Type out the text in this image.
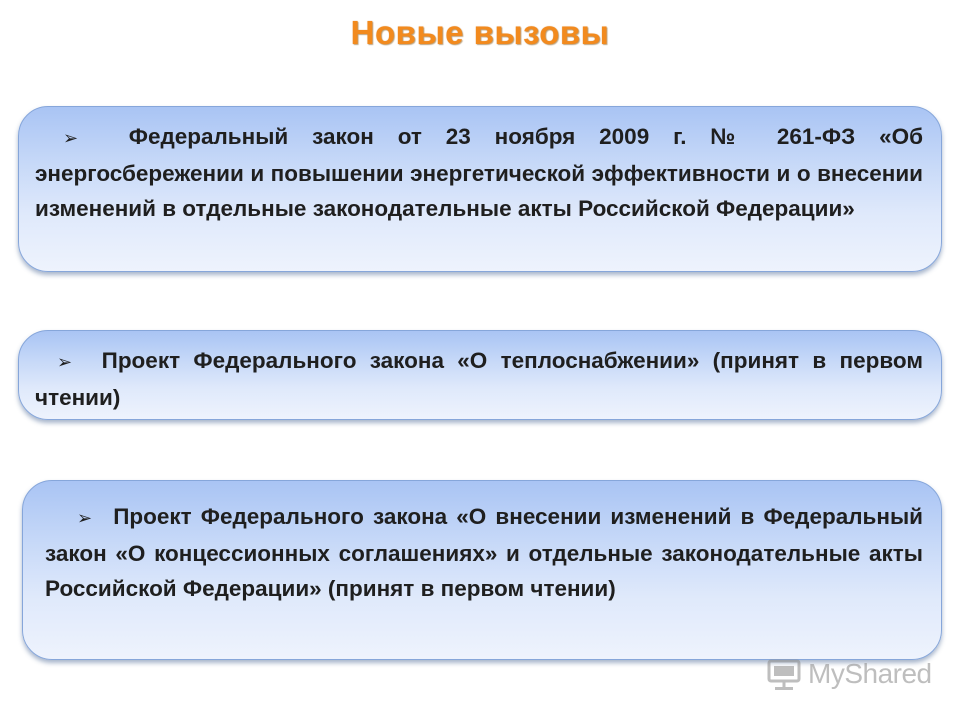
Новые вызовы

➢ Федеральный закон от 23 ноября 2009 г. № 261-ФЗ «Об энергосбережении и повышении энергетической эффективности и о внесении изменений в отдельные законодательные акты Российской Федерации»

➢ Проект Федерального закона «О теплоснабжении» (принят в первом чтении)

➢ Проект Федерального закона «О внесении изменений в Федеральный закон «О концессионных соглашениях» и отдельные законодательные акты Российской Федерации» (принят в первом чтении)

MyShared
